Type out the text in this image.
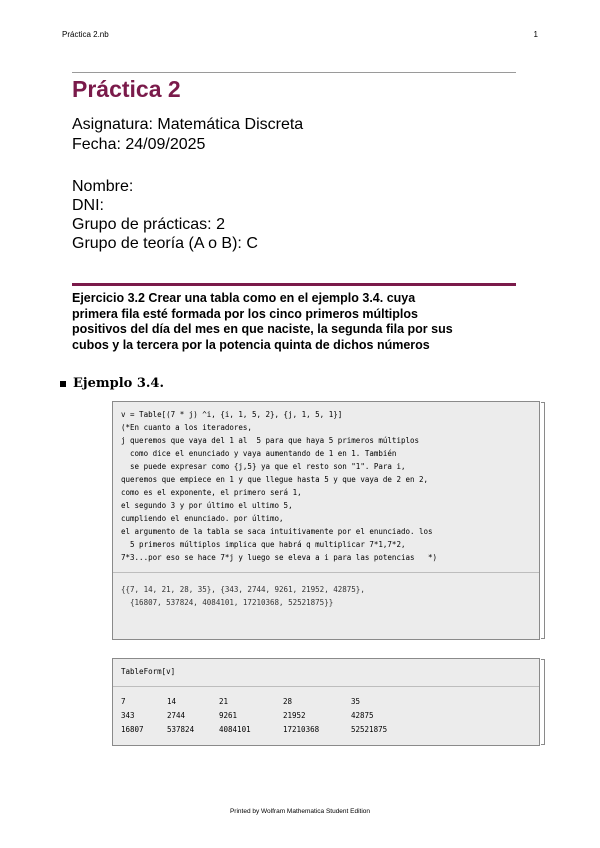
Práctica 2.nb	1
Práctica 2
Asignatura: Matemática Discreta
Fecha: 24/09/2025
Nombre:
DNI:
Grupo de prácticas: 2
Grupo de teoría (A o B): C
Ejercicio 3.2 Crear una tabla como en el ejemplo 3.4. cuya
primera fila esté formada por los cinco primeros múltiplos
positivos del día del mes en que naciste, la segunda fila por sus
cubos y la tercera por la potencia quinta de dichos números
Ejemplo 3.4.
v = Table[(7 * j) ^i, {i, 1, 5, 2}, {j, 1, 5, 1}]
(*En cuanto a los iteradores,
j queremos que vaya del 1 al  5 para que haya 5 primeros múltiplos
como dice el enunciado y vaya aumentando de 1 en 1. También
se puede expresar como {j,5} ya que el resto son "1". Para i,
queremos que empiece en 1 y que llegue hasta 5 y que vaya de 2 en 2,
como es el exponente, el primero será 1,
el segundo 3 y por último el ultimo 5,
cumpliendo el enunciado. por último,
el argumento de la tabla se saca intuitivamente por el enunciado. los
5 primeros múltiplos implica que habrá q multiplicar 7*1,7*2,
7*3...por eso se hace 7*j y luego se eleva a i para las potencias   *)
{{7, 14, 21, 28, 35}, {343, 2744, 9261, 21952, 42875},
{16807, 537824, 4084101, 17210368, 52521875}}
TableForm[v]
7	14	21	28	35
343	2744	9261	21952	42875
16807	537824	4084101	17210368	52521875
Printed by Wolfram Mathematica Student Edition
